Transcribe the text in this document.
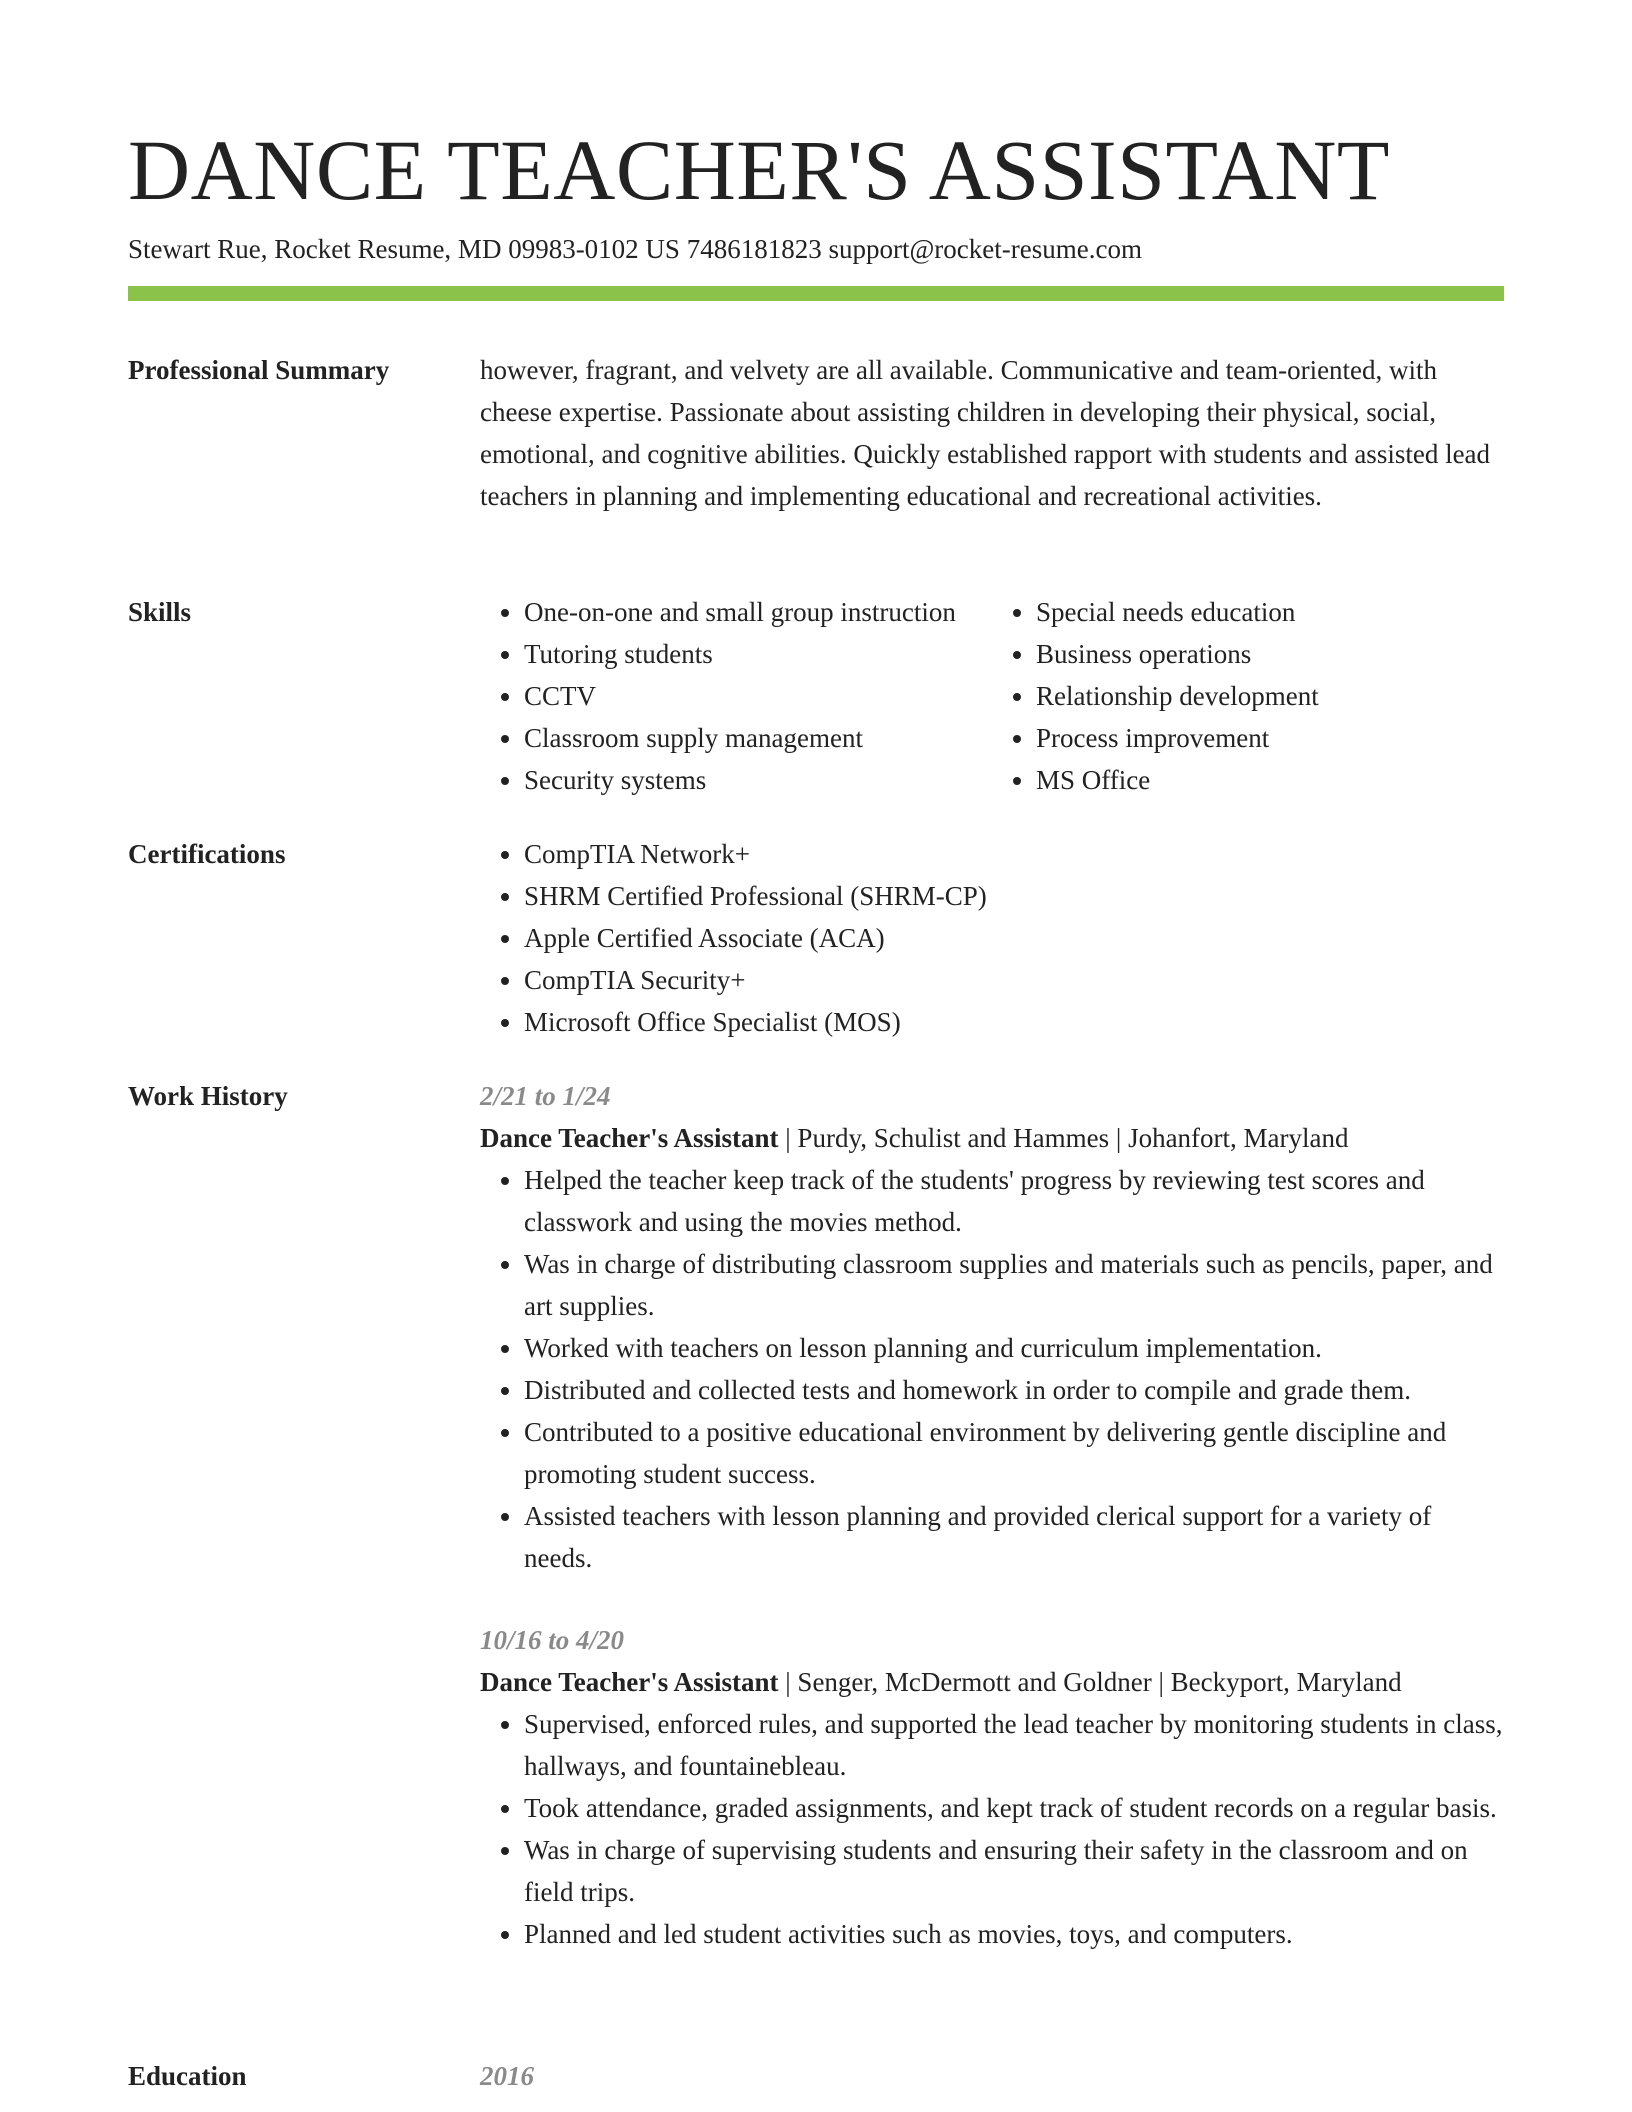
DANCE TEACHER'S ASSISTANT
Stewart Rue, Rocket Resume, MD 09983-0102 US 7486181823 support@rocket-resume.com
Professional Summary	however, fragrant, and velvety are all available. Communicative and team-oriented, with cheese expertise. Passionate about assisting children in developing their physical, social, emotional, and cognitive abilities. Quickly established rapport with students and assisted lead teachers in planning and implementing educational and recreational activities.

Skills	• One-on-one and small group instruction
• Tutoring students
• CCTV
• Classroom supply management
• Security systems
• Special needs education
• Business operations
• Relationship development
• Process improvement
• MS Office
Certifications	• CompTIA Network+
• SHRM Certified Professional (SHRM-CP)
• Apple Certified Associate (ACA)
• CompTIA Security+
• Microsoft Office Specialist (MOS)
Work History	2/21 to 1/24
Dance Teacher's Assistant | Purdy, Schulist and Hammes | Johanfort, Maryland
• Helped the teacher keep track of the students' progress by reviewing test scores and classwork and using the movies method.
• Was in charge of distributing classroom supplies and materials such as pencils, paper, and art supplies.
• Worked with teachers on lesson planning and curriculum implementation.
• Distributed and collected tests and homework in order to compile and grade them.
• Contributed to a positive educational environment by delivering gentle discipline and promoting student success.
• Assisted teachers with lesson planning and provided clerical support for a variety of needs.
10/16 to 4/20
Dance Teacher's Assistant | Senger, McDermott and Goldner | Beckyport, Maryland
• Supervised, enforced rules, and supported the lead teacher by monitoring students in class, hallways, and fountainebleau.
• Took attendance, graded assignments, and kept track of student records on a regular basis.
• Was in charge of supervising students and ensuring their safety in the classroom and on field trips.
• Planned and led student activities such as movies, toys, and computers.
Education	2016
